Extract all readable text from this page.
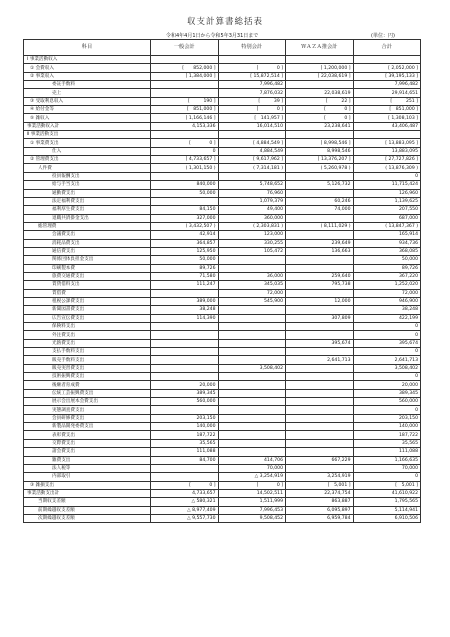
収支計算書総括表
令和4年4月1日から令和5年3月31日まで	(単位：円)
科目	一般会計	特別会計	ＷＡＺＡ推会計	合計
Ⅰ 事業活動収入				
① 会費収入	[　　852,000 ]	[　　　　0 ]	[ 1,200,000 ]	[ 2,052,000 ]
② 事業収入	[ 1,384,000 ]	[ 15,872,514 ]	[ 22,038,619 ]	[ 39,195,133 ]
委託手数料		7,996,482		7,996,482
売上		7,876,032	22,038,619	29,914,651
③ 受取利息収入	[　　　190 ]	[　　　39 ]	[　　　22 ]	[　　　251 ]
④ 給付金等	[　851,000 ]	[　　　　0 ]	[　　　　0 ]	[　851,000 ]
⑤ 雑収入	[ 1,166,146 ]	[　141,957 ]	[　　　　0 ]	[ 1,308,103 ]
事業活動収入計	4,153,336	16,014,510	23,238,641	43,406,487
Ⅱ 事業活動支出				
① 事業費支出	[　　　　0 ]	[ 4,884,549 ]	[ 8,998,546 ]	[ 13,883,095 ]
仕入	0	4,884,549	8,998,546	13,883,095
② 管理費支出	[ 4,733,657 ]	[ 9,617,962 ]	[ 13,376,207 ]	[ 27,727,826 ]
人件費	( 1,301,150 )	( 7,314,181 )	( 5,260,978 )	( 13,876,309 )
役員報酬支出				0
給与手当支出	840,000	5,748,652	5,126,732	11,715,424
通勤費支出	50,000	76,960		126,960
法定福利費支出		1,079,379	60,246	1,139,625
福利厚生費支出	84,150	49,400	74,000	207,550
退職共済掛金支出	327,000	360,000		687,000
総管理費	( 3,432,507 )	( 2,303,831 )	( 8,111,029 )	( 13,847,367 )
会議費支出	42,914	123,000		165,914
消耗品費支出	364,857	330,255	239,649	934,736
通信費支出	125,950	105,472	136,663	368,085
関係団体負担金支出	50,000			50,000
印刷製本費	89,726			89,726
旅費交通費支出	71,580	36,000	259,640	367,220
賃貸借料支出	111,247	345,035	795,738	1,252,020
賃借費		72,000		72,000
租税公課費支出	389,000	545,900	12,000	946,900
新聞図書費支出	38,248			38,248
広告宣伝費支出	114,390		307,809	422,199
保険料支出				0
外注費支出				0
光熱費支出			395,674	395,674
支払手数料支出				0
販売手数料支出			2,641,713	2,641,713
販売実習費支出		3,508,402		3,508,402
技術振興費支出				0
後継者育成費	20,000			20,000
伝統工芸振興費支出	389,345			389,345
展示会出展本会費支出	560,000			560,000
実態調査費支出				0
会員研修費支出	203,150			203,150
新製品開発委費支出	140,000			140,000
表彰費支出	187,722			187,722
交際費支出	35,565			35,565
諸会費支出	111,088			111,088
雑費支出	84,700	414,706	667,229	1,166,635
法人税等		70,000		70,000
内部取引		△ 3,254,919	3,254,919	0
③ 雑損支出	[　　　　0 ]	[　　　　0 ]	[　5,001 ]	[　5,001 ]
事業活動支出計	4,733,657	14,502,511	22,374,754	41,610,922
当期収支差額	△ 580,321	1,511,999	863,887	1,795,565
前期繰越収支差額	△ 8,977,409	7,996,453	6,095,897	5,114,941
次期繰越収支差額	△ 9,557,730	9,508,452	6,959,784	6,910,506
